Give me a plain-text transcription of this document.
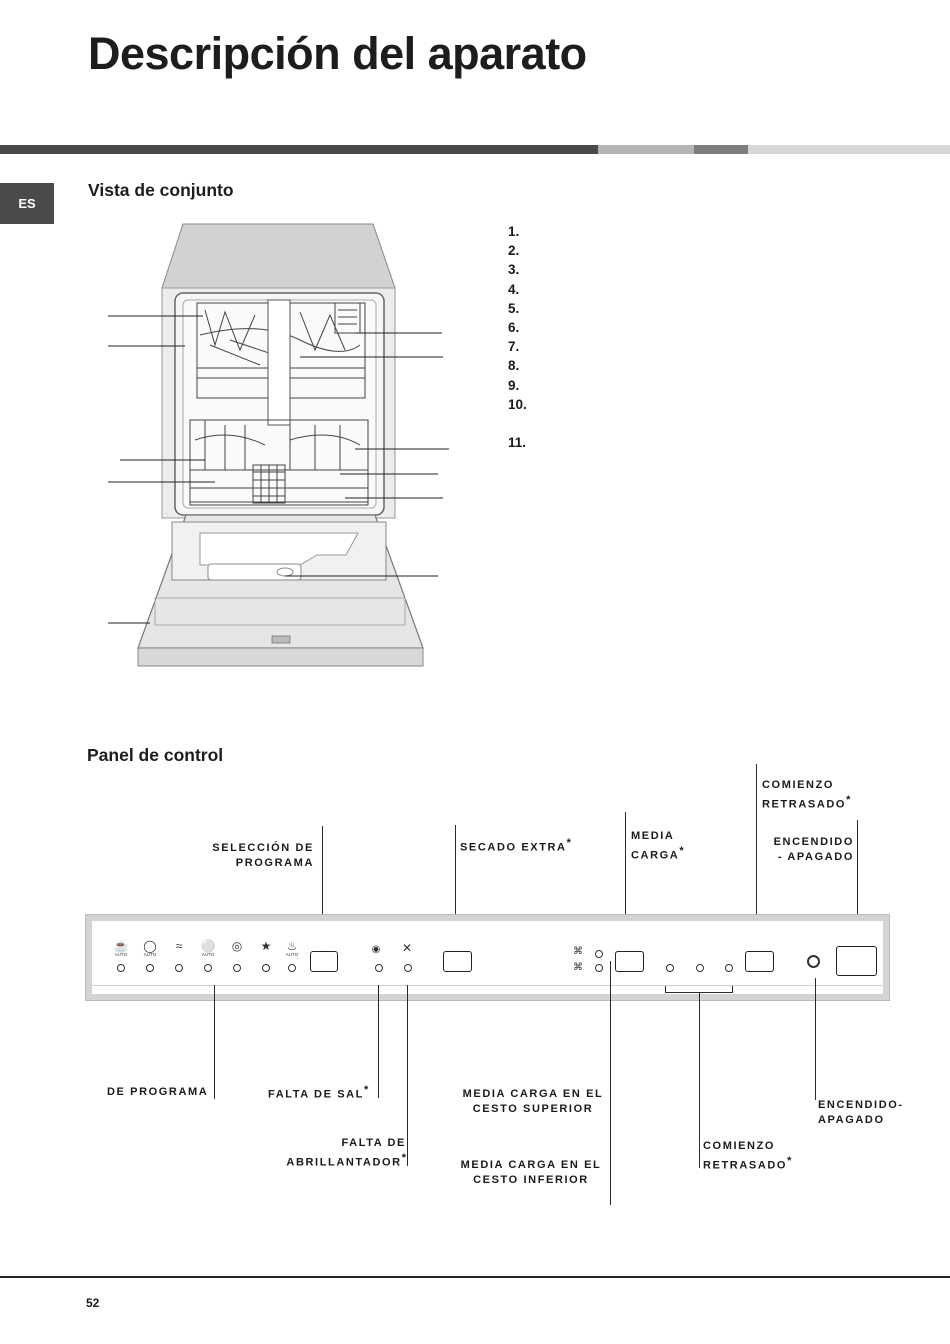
Descripción del aparato
ES
Vista de conjunto
1.
2.
3.
4.
5.
6.
7.
8.
9.
10.
11.
Panel de control
SELECCIÓN DE
PROGRAMA
SECADO EXTRA*
MEDIA
CARGA*
COMIENZO
RETRASADO*
ENCENDIDO
- APAGADO
☕
AUTO
◯
AUTO
≈	⚪
AUTO
◎	★	♨
AUTO	◉ ✕	⌘
⌘
DE PROGRAMA	FALTA DE SAL*
FALTA DE
ABRILLANTADOR*
MEDIA CARGA EN EL
CESTO SUPERIOR
MEDIA CARGA EN EL
CESTO INFERIOR
COMIENZO
RETRASADO*
ENCENDIDO-
APAGADO
52
